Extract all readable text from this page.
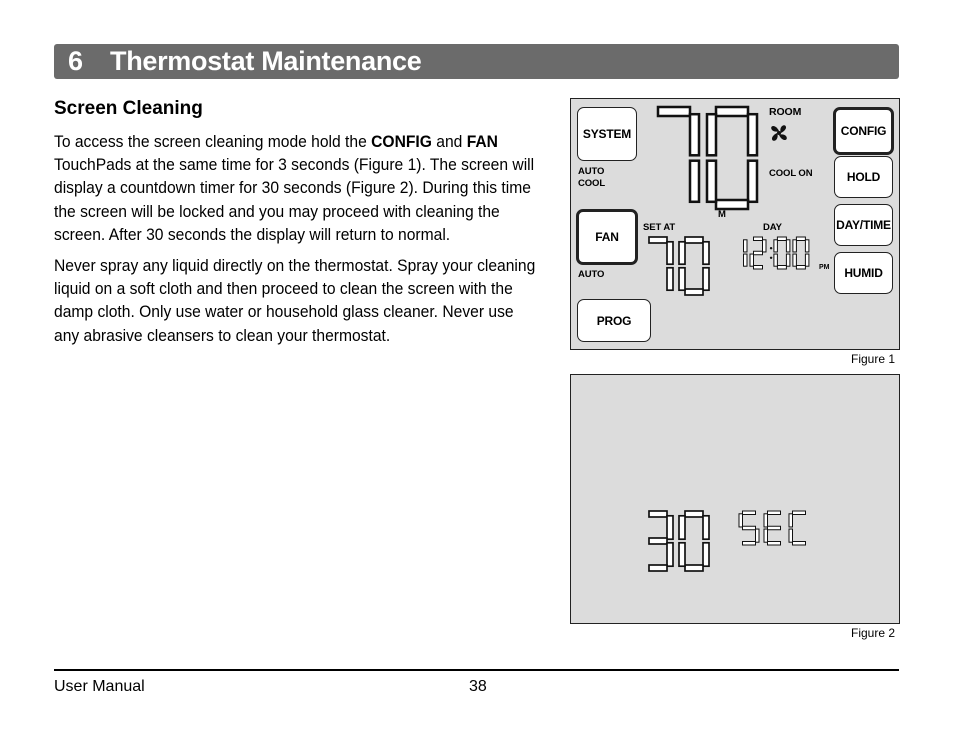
6 Thermostat Maintenance
Screen Cleaning

To access the screen cleaning mode hold the CONFIG and FAN TouchPads at the same time for 3 seconds (Figure 1). The screen will display a countdown timer for 30 seconds (Figure 2). During this time the screen will be locked and you may proceed with cleaning the screen. After 30 seconds the display will return to normal.

Never spray any liquid directly on the thermostat. Spray your cleaning liquid on a soft cloth and then proceed to clean the screen with the damp cloth. Only use water or household glass cleaner. Never use any abrasive cleansers to clean your thermostat.

SYSTEM
AUTO
COOL
FAN
AUTO
PROG
CONFIG
HOLD
DAY/TIME
HUMID
ROOM
COOL ON
M
SET AT	DAY
PM
Figure 1
Figure 2
User Manual	38
